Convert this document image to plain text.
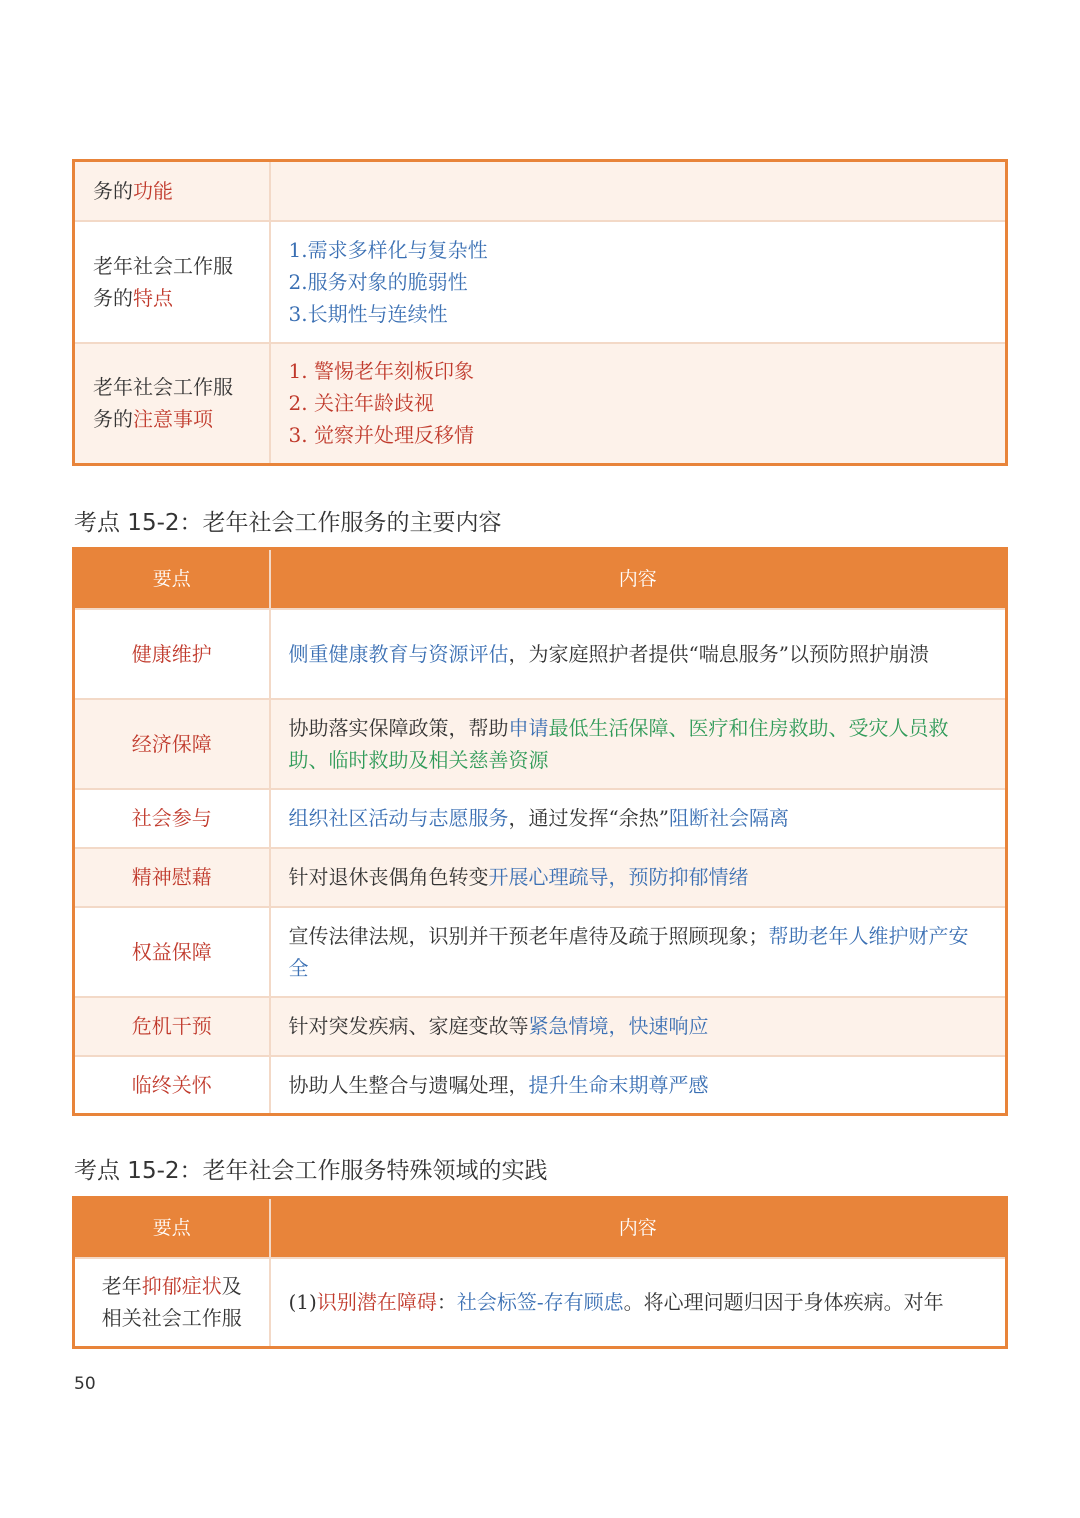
务的功能	
老年社会工作服务的特点	1.需求多样化与复杂性
2.服务对象的脆弱性
3.长期性与连续性

老年社会工作服务的注意事项	1. 警惕老年刻板印象
2. 关注年龄歧视
3. 觉察并处理反移情
考点 15-2：老年社会工作服务的主要内容
要点	内容
健康维护	侧重健康教育与资源评估，为家庭照护者提供“喘息服务”以预防照护崩溃
经济保障	协助落实保障政策，帮助申请最低生活保障、医疗和住房救助、受灾人员救助、临时救助及相关慈善资源
社会参与	组织社区活动与志愿服务，通过发挥“余热”阻断社会隔离
精神慰藉	针对退休丧偶角色转变开展心理疏导，预防抑郁情绪
权益保障	宣传法律法规，识别并干预老年虐待及疏于照顾现象；帮助老年人维护财产安全
危机干预	针对突发疾病、家庭变故等紧急情境，快速响应
临终关怀	协助人生整合与遗嘱处理，提升生命末期尊严感
考点 15-2：老年社会工作服务特殊领域的实践
要点	内容
老年抑郁症状及相关社会工作服	(1)识别潜在障碍：社会标签-存有顾虑。将心理问题归因于身体疾病。对年
50
